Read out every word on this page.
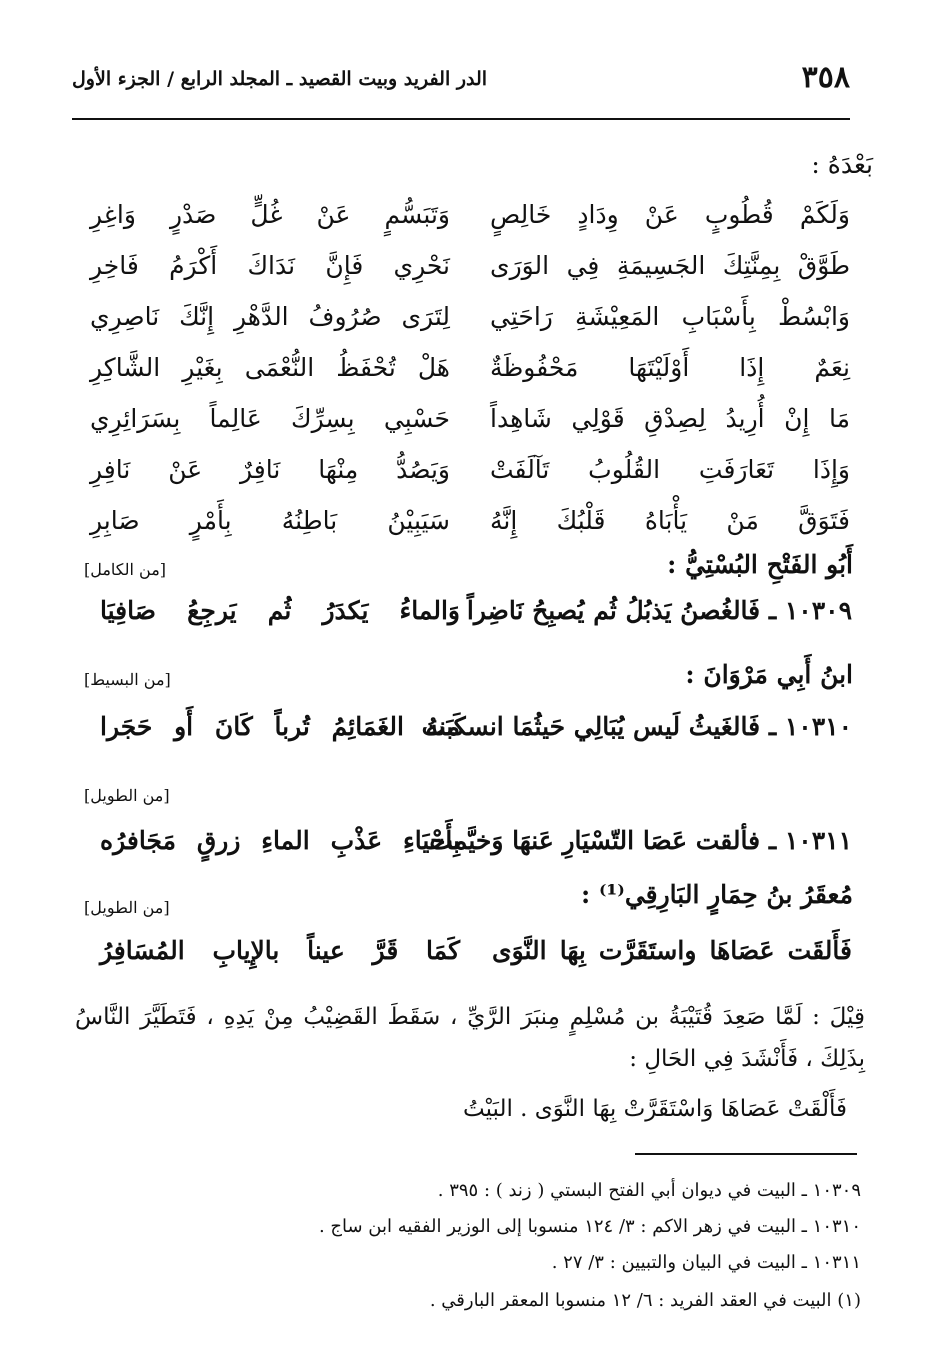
٣٥٨
الدر الفريد وبيت القصيد ـ المجلد الرابع / الجزء الأول
بَعْدَهُ :
وَلَكَمْ قُطُوبٍ عَنْ وِدَادٍ خَالِصٍ
وَتَبَسُّمٍ عَنْ غُلٍّ صَدْرٍ وَاغِرِ
طَوَّقْ بِمِنَّتِكَ الجَسِيمَةِ فِي الوَرَى
نَحْرِي فَإِنَّ نَدَاكَ أَكْرَمُ فَاخِرِ
وَابْسُطْ بِأَسْبَابِ المَعِيْشَةِ رَاحَتِي
لِتَرَى صُرُوفُ الدَّهْرِ إِنَّكَ نَاصِرِي
نِعَمٌ إِذَا أَوْلَيْتَهَا مَحْفُوظَةٌ
هَلْ تُحْفَظُ النُّعْمَى بِغَيْرِ الشَّاكِرِ
مَا إِنْ أُرِيدُ لِصِدْقِ قَوْلِي شَاهِداً
حَسْبِي بِسِرِّكَ عَالِماً بِسَرَائِرِي
وَإِذَا تَعَارَفَتِ القُلُوبُ تَآلَفَتْ
وَيَصُدُّ مِنْهَا نَافِرٌ عَنْ نَافِرِ
فَتَوَقَّ مَنْ يَأْبَاهُ قَلْبُكَ إِنَّهُ
سَيَبِيْنُ بَاطِنُهُ بِأَمْرٍ صَابِرِ
أَبُو الفَتْحِ البُسْتِيُّ :
[من الكامل]
١٠٣٠٩ ـ فَالغُصنُ يَذبُلُ ثُم يُصبِحُ نَاضِراً
وَالماءُ يَكدَرُ ثُم يَرجِعُ صَافِيَا
ابنُ أَبِي مَرْوَانَ :
[من البسيط]
١٠٣١٠ ـ فَالغَيثُ لَيس يُبَالِي حَيثُمَا انسكَبَت
منهُ الغَمَائِمُ تُرباً كَانَ أَو حَجَرا
[من الطويل]
١٠٣١١ ـ فألقت عَصَا التّسْيَارِ عَنهَا وَخيَّمت
بِأَحْيَاءِ عَذْبِ الماءِ زرقٍ مَجَافرُه
مُعقَرُ بنُ حِمَارٍ البَارِقِي⁽¹⁾ :
[من الطويل]
فَأَلقَت عَصَاهَا واستَقَرَّت بِهَا النَّوَى
كَمَا قَرَّ عيناً بالإِيابِ المُسَافِرُ
قِيْلَ : لَمَّا صَعِدَ قُتَيْبَةُ بن مُسْلِمٍ مِنبَرَ الرَّيِّ ، سَقَطَ القَضِيْبُ مِنْ يَدِهِ ، فَتَطَيَّرَ النَّاسُ بِذَلِكَ ، فَأَنْشَدَ فِي الحَالِ :
فَأَلْقَتْ عَصَاهَا وَاسْتَقَرَّتْ بِهَا النَّوَى . البَيْتُ
١٠٣٠٩ ـ البيت في ديوان أبي الفتح البستي ( زند ) : ٣٩٥ .
١٠٣١٠ ـ البيت في زهر الاكم : ٣/ ١٢٤ منسوبا إلى الوزير الفقيه ابن ساج .
١٠٣١١ ـ البيت في البيان والتبيين : ٣/ ٢٧ .
(١) البيت في العقد الفريد : ٦/ ١٢ منسوبا المعقر البارقي .
